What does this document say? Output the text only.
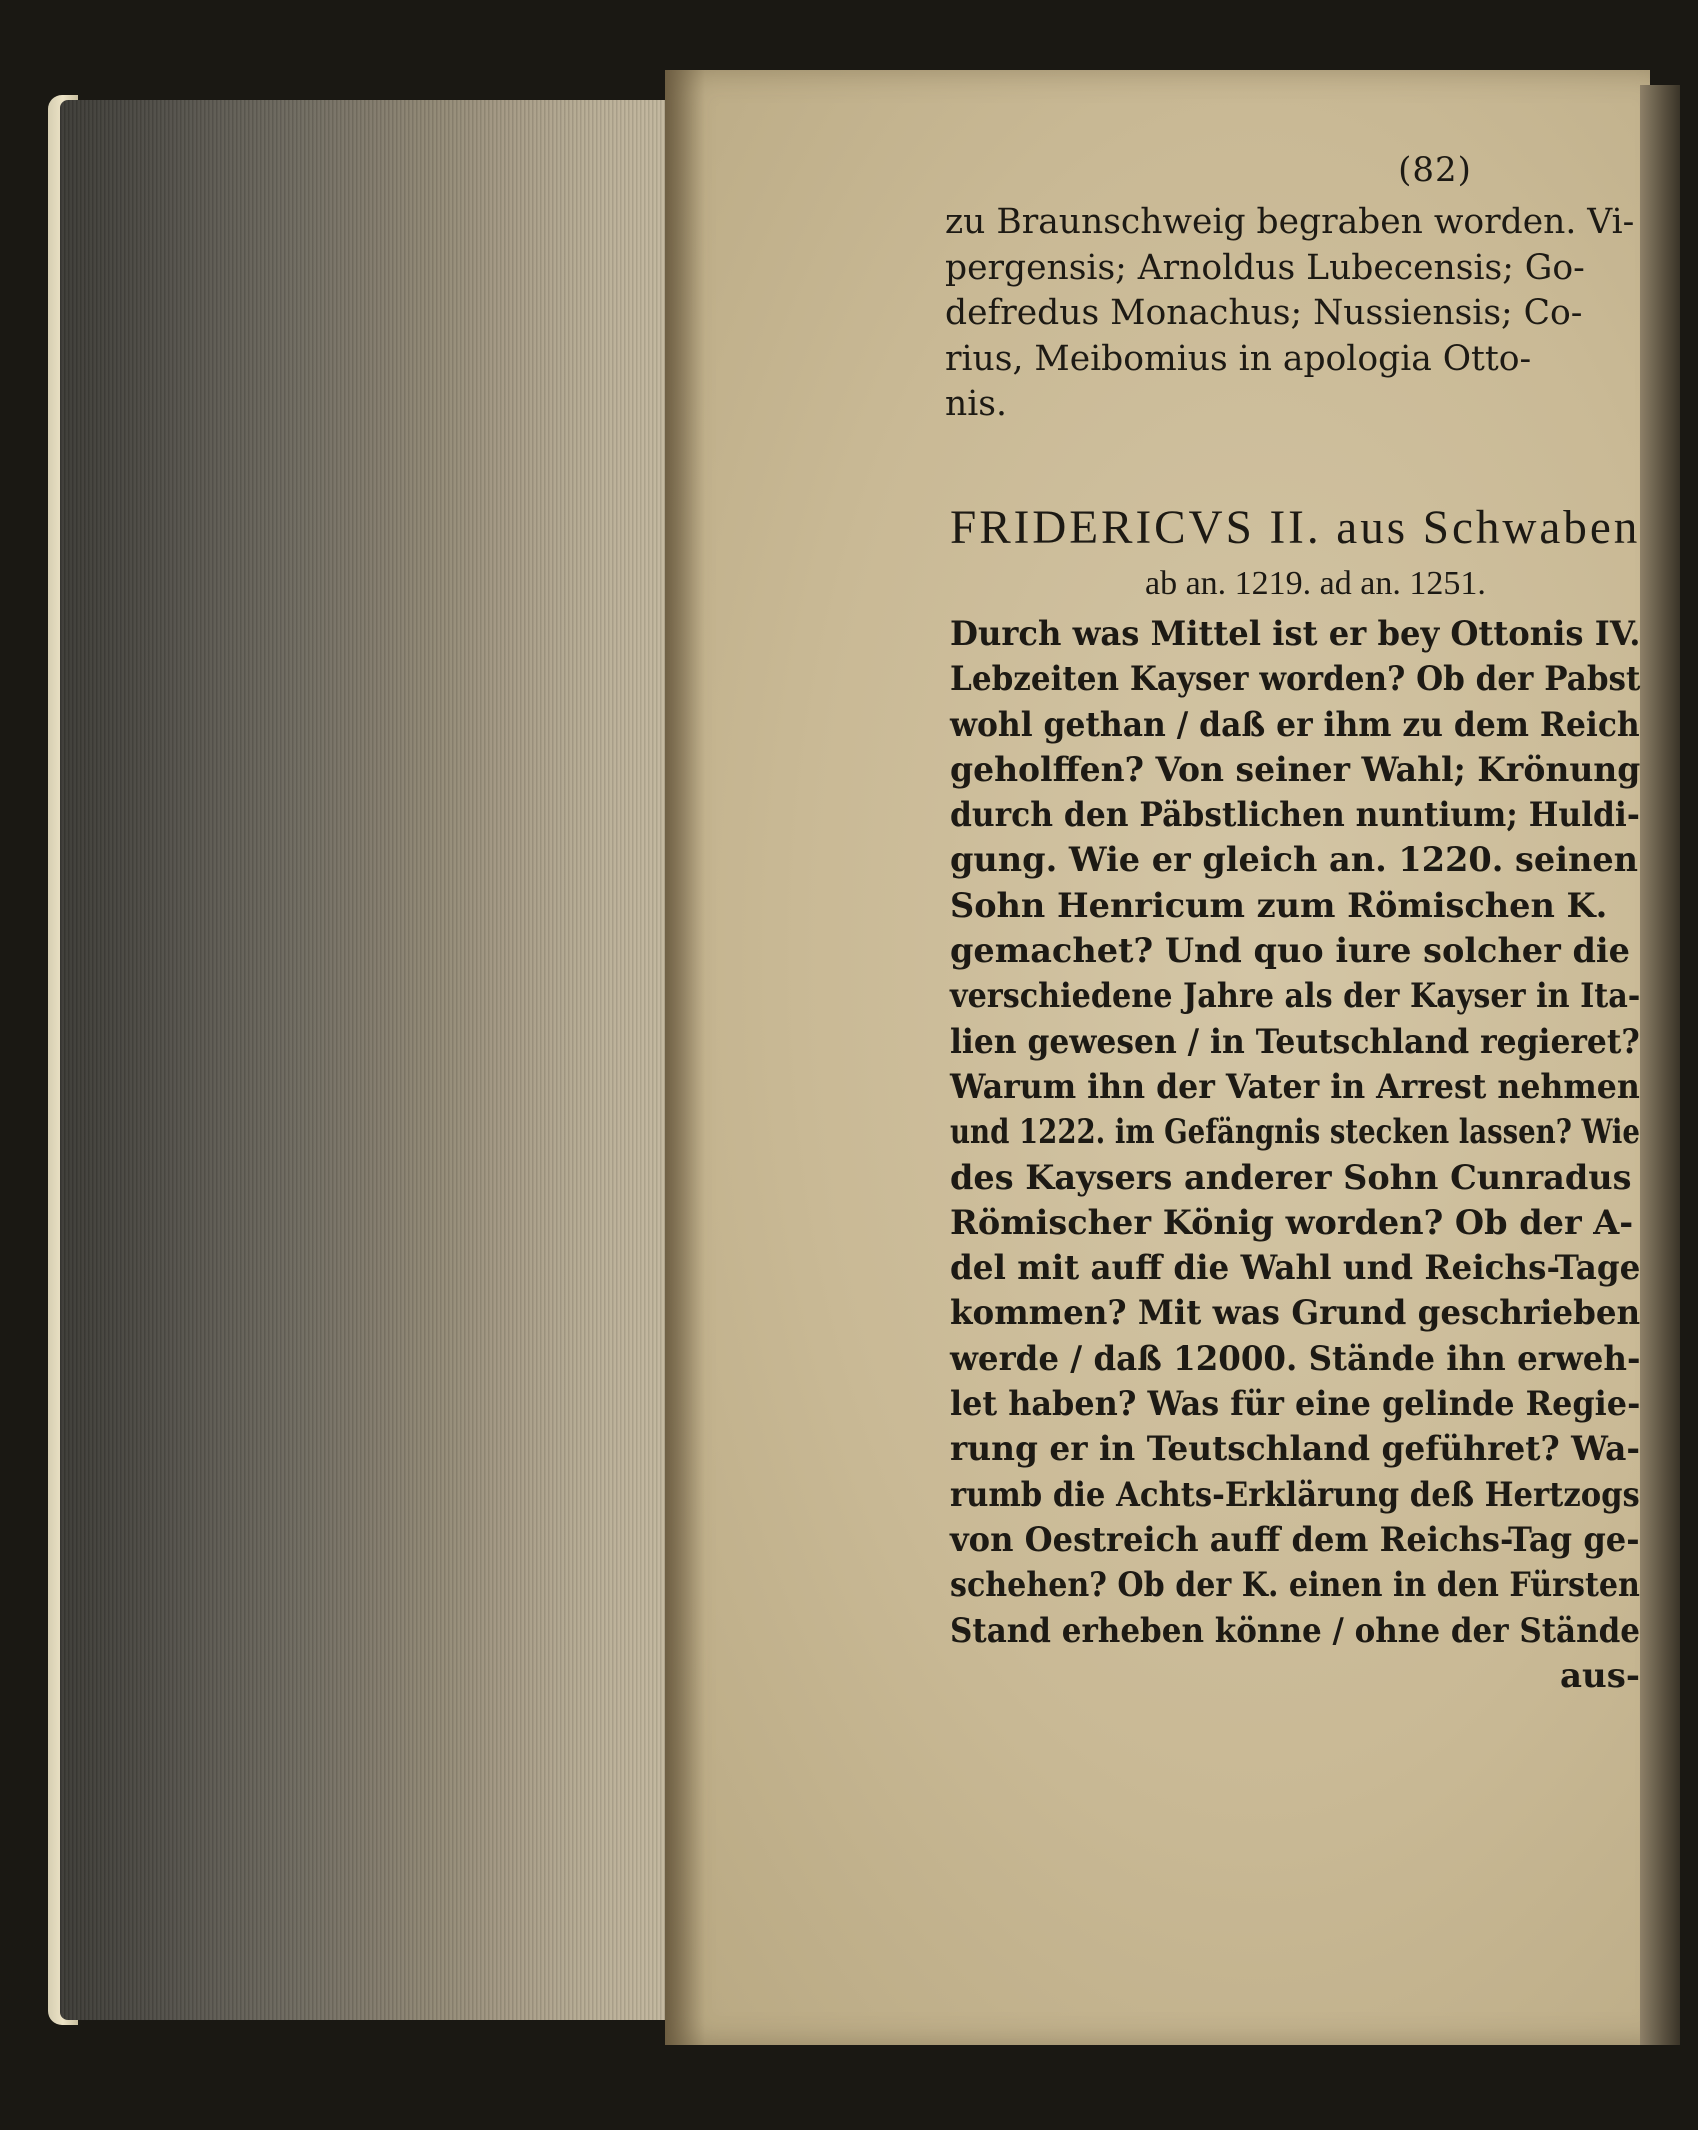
(82)
zu Braunschweig begraben worden. Vi-
pergensis; Arnoldus Lubecensis; Go-
defredus Monachus; Nussiensis; Co-
rius, Meibomius in apologia Otto-
nis.
FRIDERICVS II. aus Schwaben
ab an. 1219. ad an. 1251.
Durch was Mittel ist er bey Ottonis IV.
Lebzeiten Kayser worden? Ob der Pabst
wohl gethan / daß er ihm zu dem Reich
geholffen? Von seiner Wahl; Krönung
durch den Päbstlichen nuntium; Huldi-
gung. Wie er gleich an. 1220. seinen
Sohn Henricum zum Römischen K.
gemachet? Und quo iure solcher die
verschiedene Jahre als der Kayser in Ita-
lien gewesen / in Teutschland regieret?
Warum ihn der Vater in Arrest nehmen
und 1222. im Gefängnis stecken lassen? Wie
des Kaysers anderer Sohn Cunradus
Römischer König worden? Ob der A-
del mit auff die Wahl und Reichs-Tage
kommen? Mit was Grund geschrieben
werde / daß 12000. Stände ihn erweh-
let haben? Was für eine gelinde Regie-
rung er in Teutschland geführet? Wa-
rumb die Achts-Erklärung deß Hertzogs
von Oestreich auff dem Reichs-Tag ge-
schehen? Ob der K. einen in den Fürsten
Stand erheben könne / ohne der Stände
aus-
